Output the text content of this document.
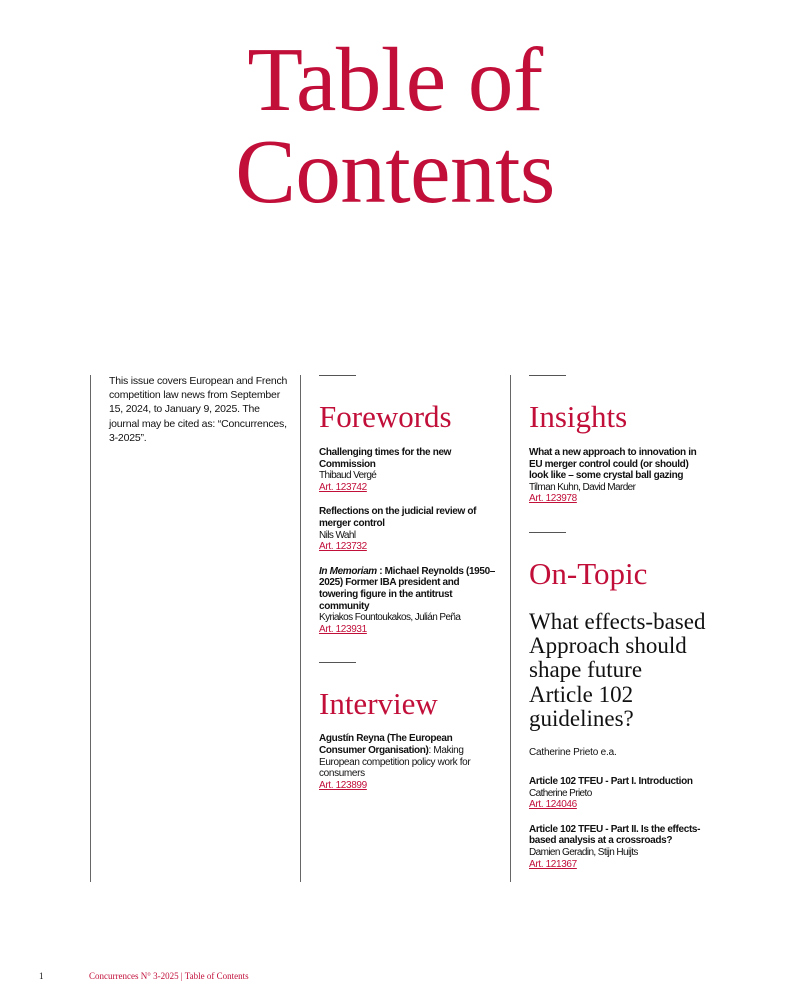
Table of
Contents
This issue covers European and French competition law news from September 15, 2024, to January 9, 2025. The journal may be cited as: “Concurrences, 3-2025”.
Forewords
Challenging times for the new Commission
Thibaud Vergé
Art. 123742
Reflections on the judicial review of merger control
Nils Wahl
Art. 123732
In Memoriam : Michael Reynolds (1950–2025) Former IBA president and towering figure in the antitrust community
Kyriakos Fountoukakos, Julián Peña
Art. 123931
Interview
Agustín Reyna (The European Consumer Organisation): Making European competition policy work for consumers
Art. 123899
Insights
What a new approach to innovation in EU merger control could (or should) look like – some crystal ball gazing
Tilman Kuhn, David Marder
Art. 123978
On-Topic

What effects-based Approach should shape future Article 102 guidelines?

Catherine Prieto e.a.
Article 102 TFEU - Part I. Introduction
Catherine Prieto
Art. 124046
Article 102 TFEU - Part II. Is the effects-based analysis at a crossroads?
Damien Geradin, Stijn Huijts
Art. 121367
1	Concurrences N° 3-2025 | Table of Contents
